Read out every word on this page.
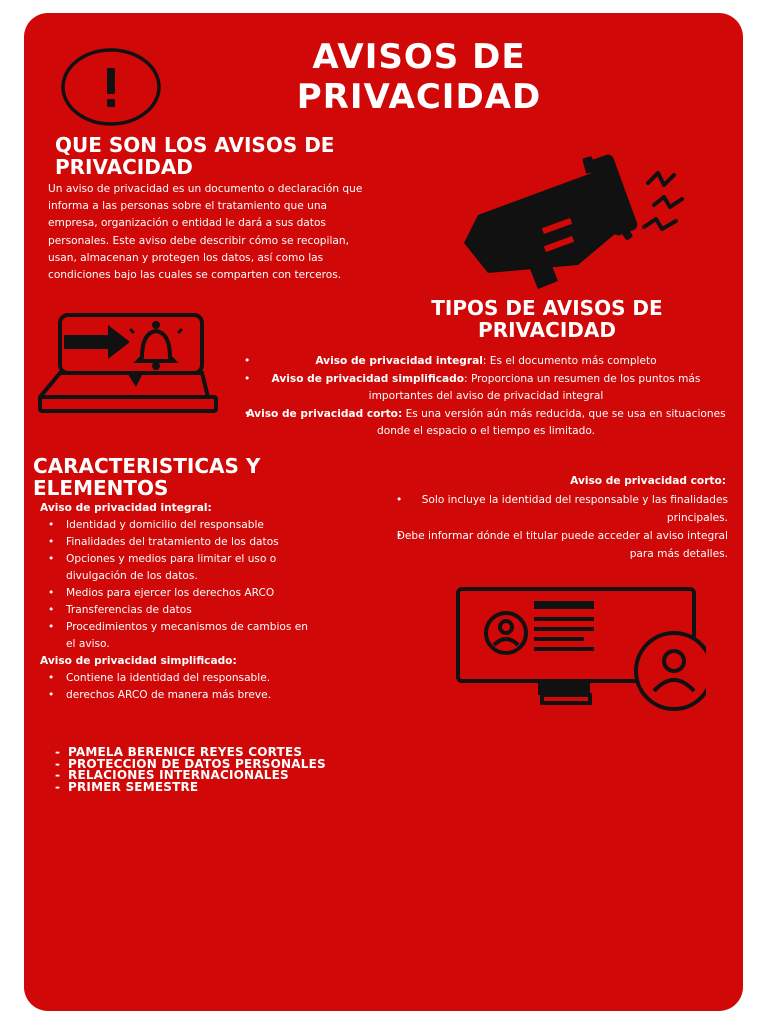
AVISOS DE PRIVACIDAD
QUE SON LOS AVISOS DE PRIVACIDAD
Un aviso de privacidad es un documento o declaración que informa a las personas sobre el tratamiento que una empresa, organización o entidad le dará a sus datos personales. Este aviso debe describir cómo se recopilan, usan, almacenan y protegen los datos, así como las condiciones bajo las cuales se comparten con terceros.
TIPOS DE AVISOS DE PRIVACIDAD
• Aviso de privacidad integral: Es el documento más completo
• Aviso de privacidad simplificado: Proporciona un resumen de los puntos más importantes del aviso de privacidad integral
• Aviso de privacidad corto: Es una versión aún más reducida, que se usa en situaciones donde el espacio o el tiempo es limitado.
CARACTERISTICAS Y ELEMENTOS
Aviso de privacidad integral:
• Identidad y domicilio del responsable
• Finalidades del tratamiento de los datos
• Opciones y medios para limitar el uso o divulgación de los datos.
• Medios para ejercer los derechos ARCO
• Transferencias de datos
• Procedimientos y mecanismos de cambios en el aviso.
Aviso de privacidad simplificado:
• Contiene la identidad del responsable.
• derechos ARCO de manera más breve.
Aviso de privacidad corto:
• Solo incluye la identidad del responsable y las finalidades principales.
• Debe informar dónde el titular puede acceder al aviso integral para más detalles.
- PAMELA BERENICE REYES CORTES
- PROTECCION DE DATOS PERSONALES
- RELACIONES INTERNACIONALES
- PRIMER SEMESTRE
